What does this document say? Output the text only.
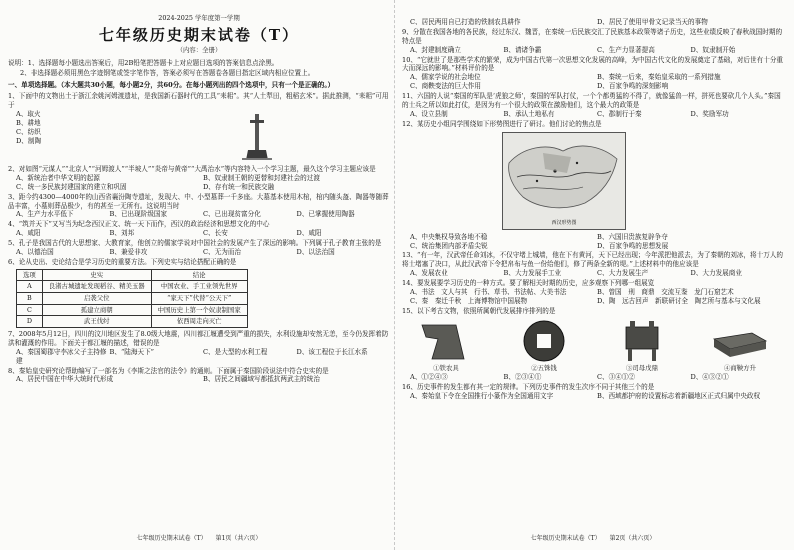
2024-2025 学年度第一学期
七年级历史期末试卷（T）
（内容：全册）
说明：1、选择题每小题选出答案后，用2B铅笔把答题卡上对应题目选项的答案信息点涂黑。
2、非选择题必须用黑色字迹钢笔或签字笔作答，答案必须写在答题卷各题目指定区域内相应位置上。
一、单项选择题。（本大题共30小题，每小题2分，共60分。在每小题列出的四个选项中，只有一个是正确的。）
1、下面中的文物出土于浙江余姚河姆渡遗址，是我国新石器时代的工具“耒耜”。其“人土犁田，粗稻玄米”。据此推测，“耒耜”可用于
A、取火
B、耕地
C、纺织
D、制陶
2、对如图“元谋人”“北京人”“河姆渡人”“半坡人”“炎帝与黄帝”“大禹治水”等内容特入一个学习主题，最久这个学习主题应该是
A、新统治者中华文明的起源	B、奴隶制王朝的更替和封建社会的过渡
C、统一多民族封建国家的建立和巩固	D、存有统一和民族交融
3、距今约4300—4000年的山西省襄汾陶寺遗址，发现大、中、小型墓葬一千多座。大墓基本使用木棺，棺内随头盔、陶器等随葬品丰富，小墓则葬品极少，有的甚至一无所有。这说明当时
A、生产力水平低下	B、已出现阶级国家	C、已出现贫富分化	D、已掌握使用陶器
4、“筑并天下”又写当为纪念西汉正文、统一天下而作，西汉的政治经济和思想文化的中心
A、咸阳	B、刘邦	C、长安	D、咸阳
5、孔子是我国古代的大思想家、大教育家，他创立的儒家学说对中国社会的发展产生了深远的影响。下列属于孔子教育主张的是
A、以德治国	B、兼爱非攻	C、无为而治	D、以法治国
6、论从史出、史论结合是学习历史的重要方法。下列史实与结论搭配正确的是
选项	史实	结论
A	良渚古城遗址发现稻谷、精美玉器	中国农业、手工业领先世界
B	启袭父位	“家天下”代替“公天下”
C	孤建立商朝	中国历史上第一个奴隶制国家
D	武王伐纣	依西周走向灭亡
7、2008年5月12日，四川的汶川地区发生了8.0级大地震，四川都江堰遭受到严重的损失，水利设施却安然无恙，至今仍发挥着防洪和灌溉的作用。下面关于都江堰的描述，错误的是
A、秦国蜀郡守李冰父子主持修建
B、“陆海天下”	C、是大型的水利工程	D、该工程位于长江水系
8、秦始皇史研究论帮助编写了一部名为《李斯之法官的法令》的通则。下面属于秦国阶段说法中符合史实的是
A、居民中国在中华大统时代形成	B、居民之间疆域写都抵抗两武主的统治
七年级历史期末试卷（T）　　第1页（共六页）
C、居民两用自已打造的铁制农具耕作	D、居民了使用甲骨文记录当天的事物
9、分散在我国各地的各民族，经过东汉、魏晋，在秦统一后民族交汇了民族基本政策等诸子历史，这些业绩反映了春秋战国时期的特点是
A、封建制度确立	B、请诸争霸	C、生产力显著提高	D、奴隶制开始
10、“它就世了是那些学术的繁荣，成为中国古代第一次思想文化发展的高峰，为中国古代文化的发展奠定了基础，对后世有十分重大而深远的影响。”材料评价的是
A、儒家学说的社会地位	B、秦统一后来，秦始皇采取的一系列措施
C、商鞅变法的巨大作用	D、百家争鸣的深刻影响
11、六国的人说“秦国的军队是‘虎狼之师’，秦国的军队打仗，一个个都勇猛的不得了，就像猛兽一样，拼死也要砍几个人头。”秦国的士兵之所以如此打仗，是因为有一个很大的政策在激励他们，这个最大的政策是
A、设立县制	B、承认土地私有	C、郡制行于秦	D、奖励军功
12、某历史小组同学围绕如下形势图进行了研讨。他们讨论的焦点是
西汉形势图
A、中央集权导致各地不稳	B、六国旧贵族复辟争夺
C、统治集团内部矛盾尖锐	D、百家争鸣的思想发展
13、“有一年，汉武帝任命刘冰，不仅守堵上城墙，他在下有黄河，天下已经出现；今年派把他派去，为了秦朝的刘冰，将十万人的将士堵塞了决口，从此汉武帝下令把帛布与鱼一份给他们，修了两条全新的堤。”上述材料中的他应该是
A、发展农业	B、大力发展手工业	C、大力发展生产	D、大力发展商业
14、要发展要学习历史的一种方式。要了解相关时期的历史，应多观察下列哪一组展览
A、书法　文人与其　行书、草书、书法帖、大美书法	B、曾国　刑　商鼎　交流互鉴　龙门石窟艺术
C、秦　秦迁千秋　上海博物馆中国展物	D、陶　远古回声　新联研讨全　陶艺所与基本与文化展
15、以下考古文物，依照所属朝代发展排序排列的是
①铁农具	②五铢钱	③司母戊鼎	④商鞅方升
A、①②④③	B、②③④①	C、③④①②	D、④③②①
16、历史事件的发生都有其一定的规律。下列历史事件的发生次序不同于其他三个的是
A、秦始皇下令在全国推行小篆作为全国通用文字	B、西域都护府的设置标志着新疆地区正式归属中央政权
七年级历史期末试卷（T）　　第2页（共六页）
